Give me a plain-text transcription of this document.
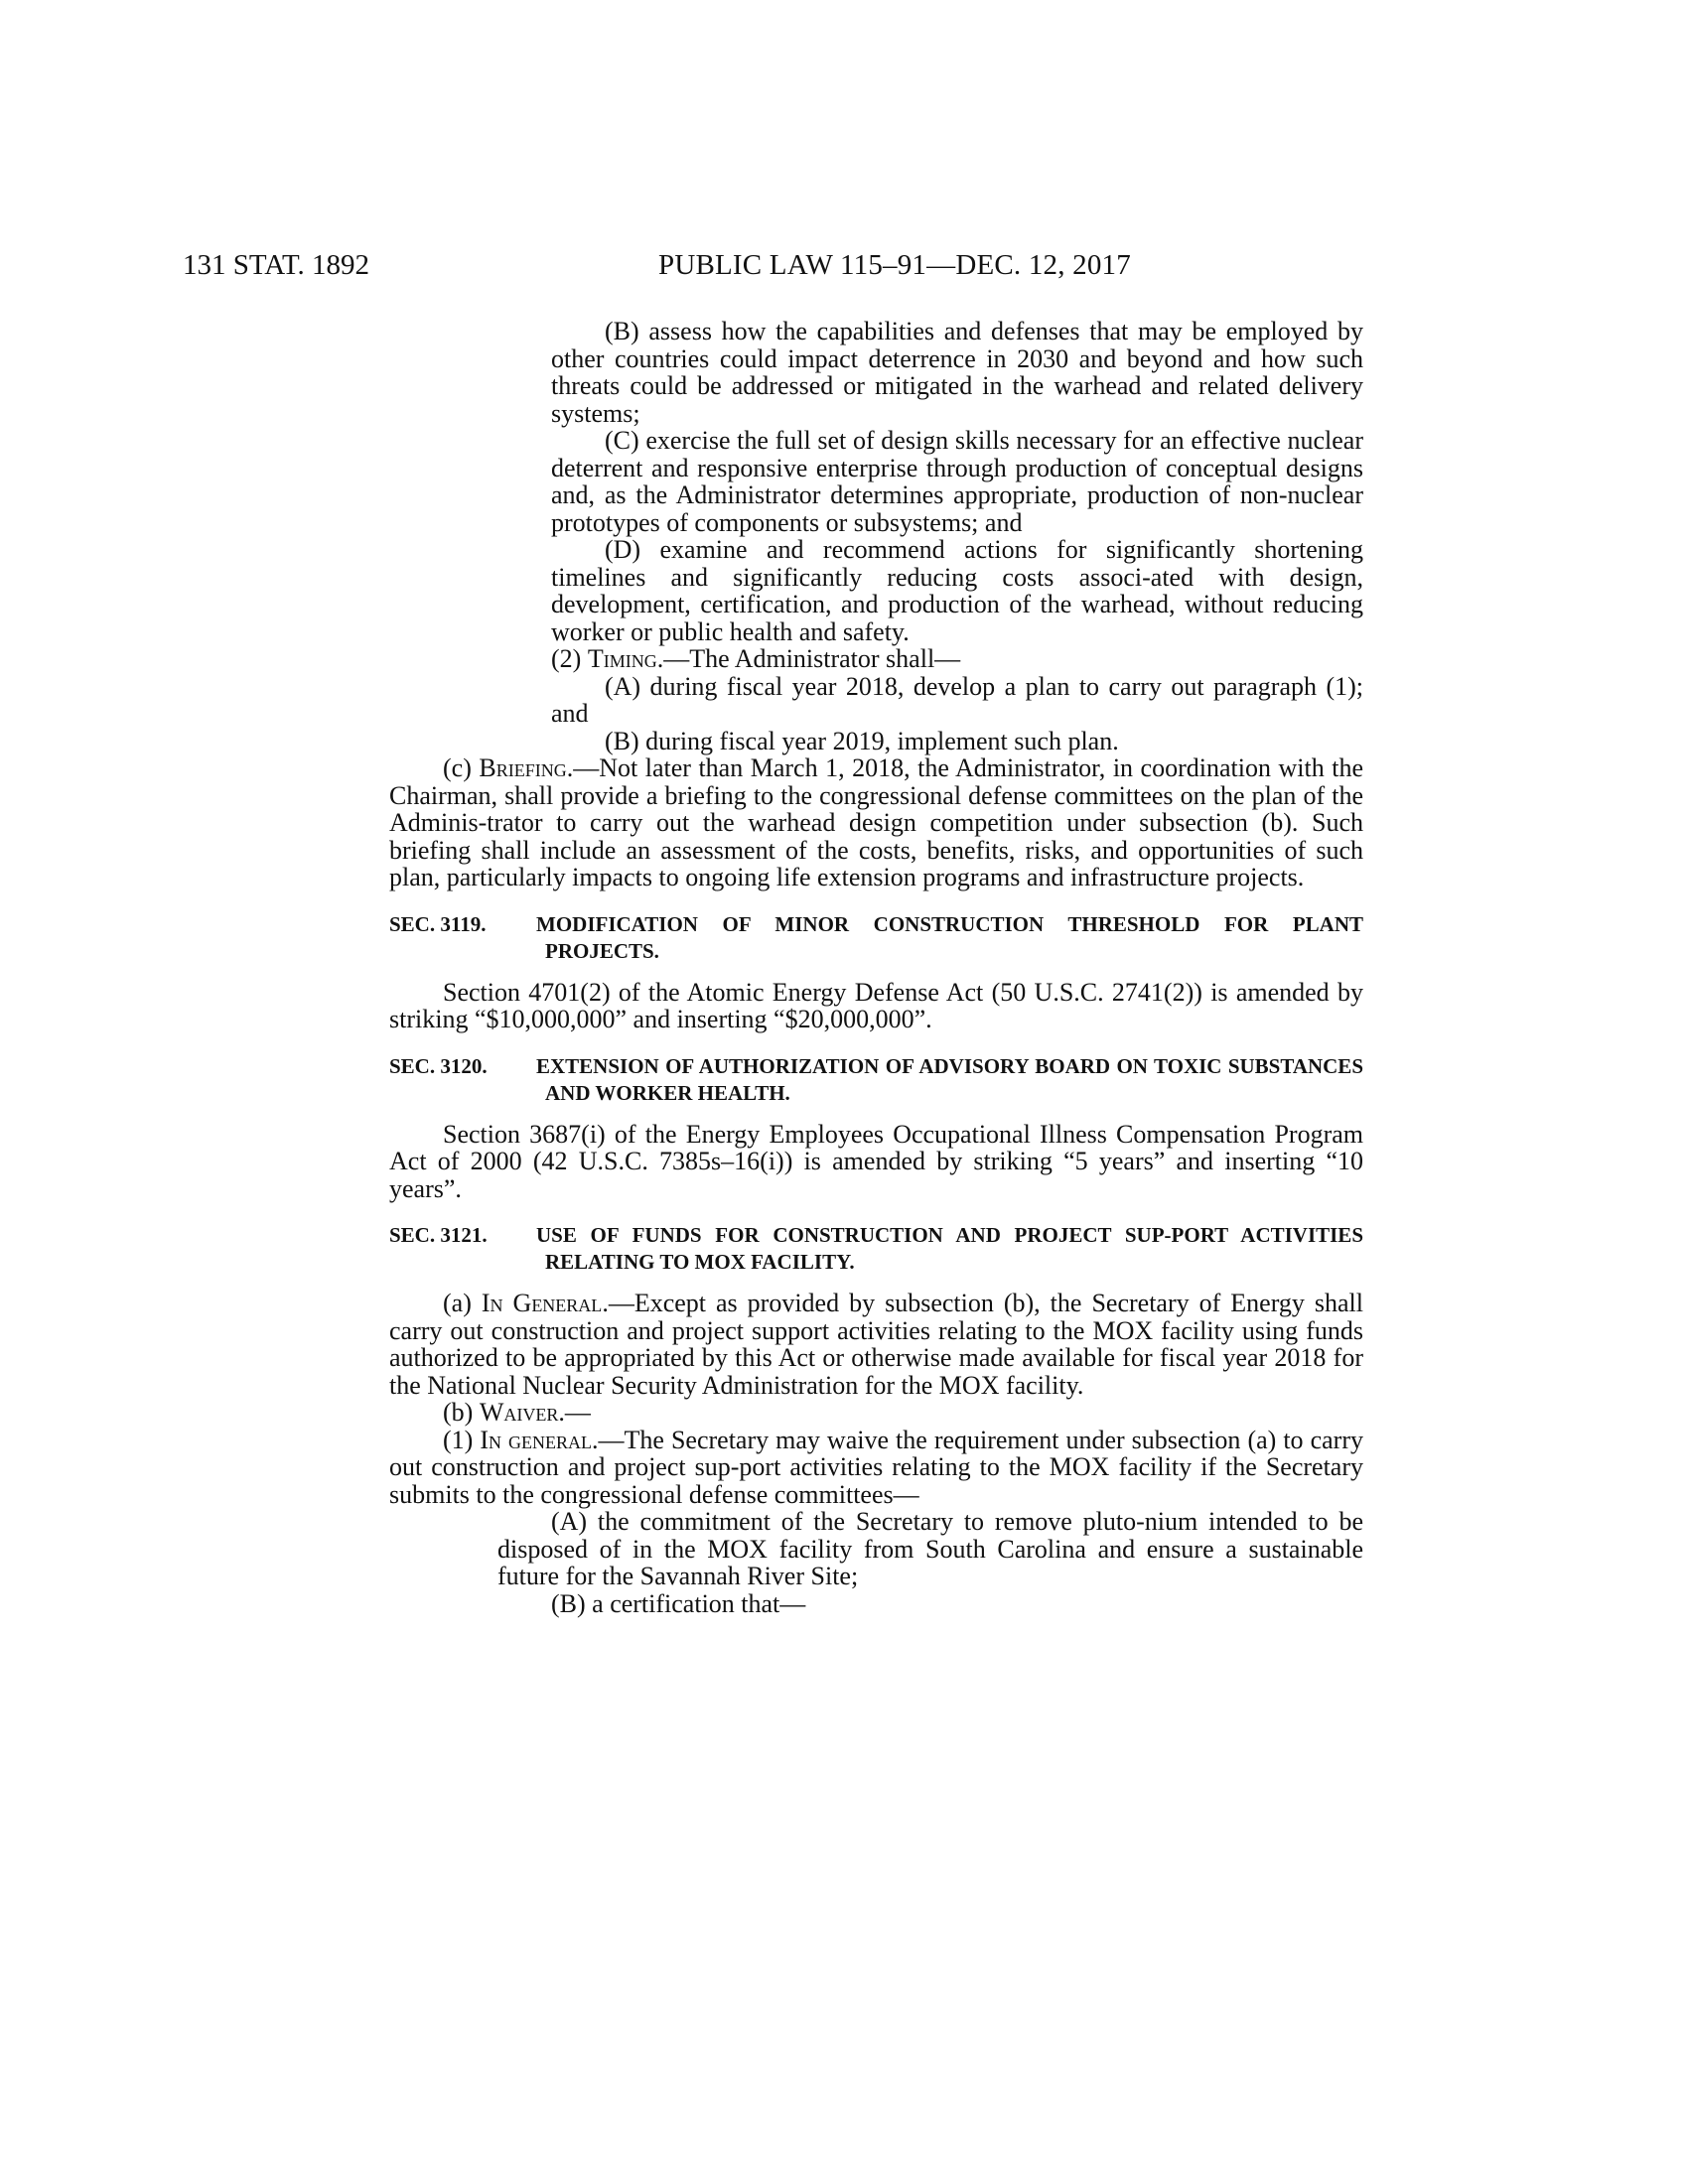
131 STAT. 1892	PUBLIC LAW 115–91—DEC. 12, 2017

(B) assess how the capabilities and defenses that may be employed by other countries could impact deterrence in 2030 and beyond and how such threats could be addressed or mitigated in the warhead and related delivery systems;

(C) exercise the full set of design skills necessary for an effective nuclear deterrent and responsive enterprise through production of conceptual designs and, as the Administrator determines appropriate, production of non-nuclear prototypes of components or subsystems; and

(D) examine and recommend actions for significantly shortening timelines and significantly reducing costs associ-ated with design, development, certification, and production of the warhead, without reducing worker or public health and safety.

(2) Timing.—The Administrator shall—

(A) during fiscal year 2018, develop a plan to carry out paragraph (1); and

(B) during fiscal year 2019, implement such plan.

(c) Briefing.—Not later than March 1, 2018, the Administrator, in coordination with the Chairman, shall provide a briefing to the congressional defense committees on the plan of the Adminis-trator to carry out the warhead design competition under subsection (b). Such briefing shall include an assessment of the costs, benefits, risks, and opportunities of such plan, particularly impacts to ongoing life extension programs and infrastructure projects.

SEC. 3119. MODIFICATION OF MINOR CONSTRUCTION THRESHOLD FOR PLANT PROJECTS.

Section 4701(2) of the Atomic Energy Defense Act (50 U.S.C. 2741(2)) is amended by striking “$10,000,000” and inserting “$20,000,000”.

SEC. 3120. EXTENSION OF AUTHORIZATION OF ADVISORY BOARD ON TOXIC SUBSTANCES AND WORKER HEALTH.

Section 3687(i) of the Energy Employees Occupational Illness Compensation Program Act of 2000 (42 U.S.C. 7385s–16(i)) is amended by striking “5 years” and inserting “10 years”.

SEC. 3121. USE OF FUNDS FOR CONSTRUCTION AND PROJECT SUP-PORT ACTIVITIES RELATING TO MOX FACILITY.

(a) In General.—Except as provided by subsection (b), the Secretary of Energy shall carry out construction and project support activities relating to the MOX facility using funds authorized to be appropriated by this Act or otherwise made available for fiscal year 2018 for the National Nuclear Security Administration for the MOX facility.

(b) Waiver.—

(1) In general.—The Secretary may waive the requirement under subsection (a) to carry out construction and project sup-port activities relating to the MOX facility if the Secretary submits to the congressional defense committees—

(A) the commitment of the Secretary to remove pluto-nium intended to be disposed of in the MOX facility from South Carolina and ensure a sustainable future for the Savannah River Site;

(B) a certification that—
